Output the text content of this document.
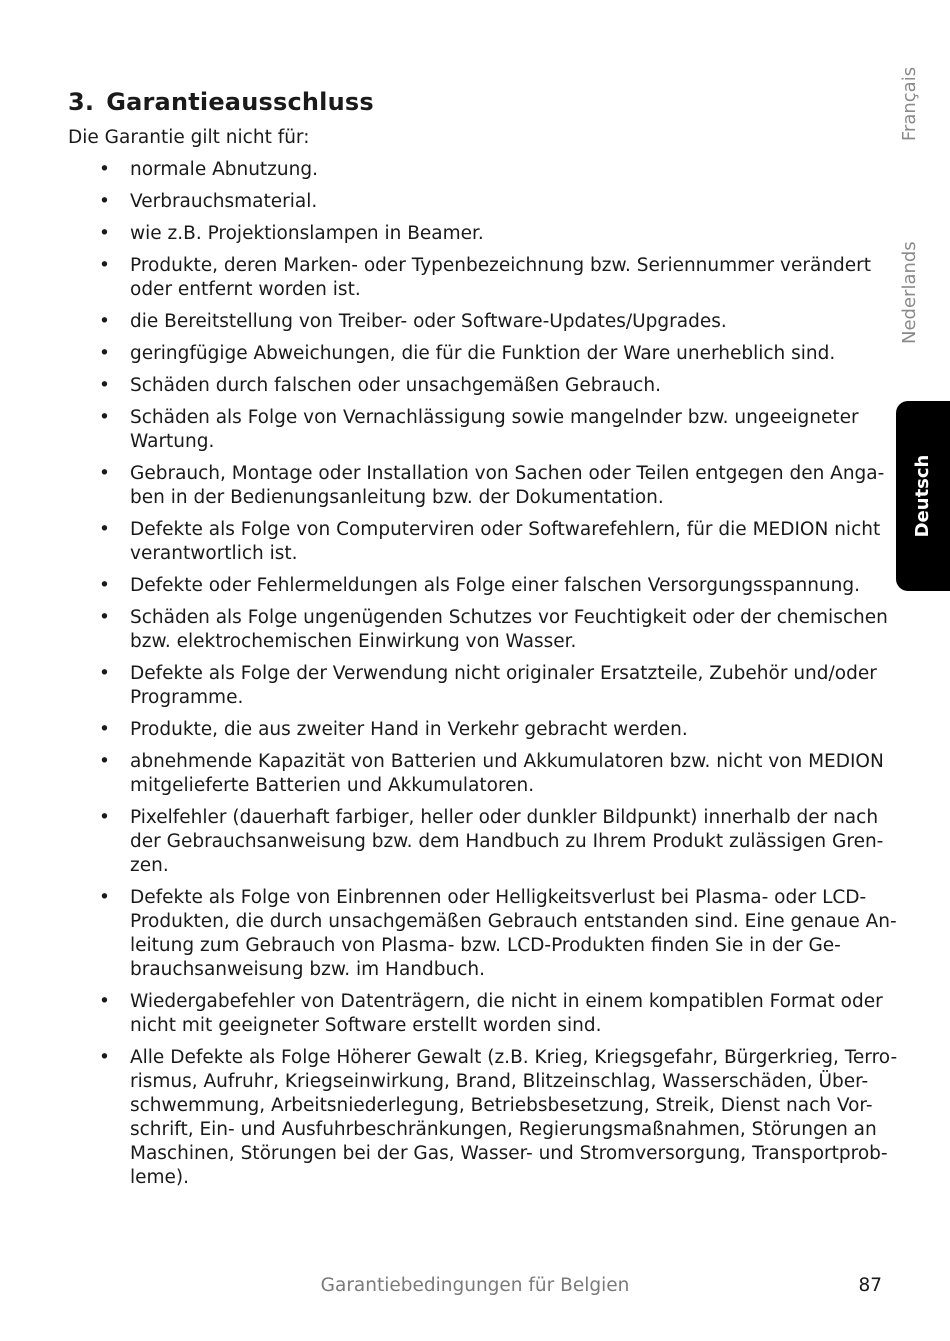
3. Garantieausschluss
Die Garantie gilt nicht für:
• normale Abnutzung.
• Verbrauchsmaterial.
• wie z.B. Projektionslampen in Beamer.
• Produkte, deren Marken- oder Typenbezeichnung bzw. Seriennummer verändert
oder entfernt worden ist.
• die Bereitstellung von Treiber- oder Software-Updates/Upgrades.
• geringfügige Abweichungen, die für die Funktion der Ware unerheblich sind.
• Schäden durch falschen oder unsachgemäßen Gebrauch.
• Schäden als Folge von Vernachlässigung sowie mangelnder bzw. ungeeigneter
Wartung.
• Gebrauch, Montage oder Installation von Sachen oder Teilen entgegen den Anga-
ben in der Bedienungsanleitung bzw. der Dokumentation.
• Defekte als Folge von Computerviren oder Softwarefehlern, für die MEDION nicht
verantwortlich ist.
• Defekte oder Fehlermeldungen als Folge einer falschen Versorgungsspannung.
• Schäden als Folge ungenügenden Schutzes vor Feuchtigkeit oder der chemischen
bzw. elektrochemischen Einwirkung von Wasser.
• Defekte als Folge der Verwendung nicht originaler Ersatzteile, Zubehör und/oder
Programme.
• Produkte, die aus zweiter Hand in Verkehr gebracht werden.
• abnehmende Kapazität von Batterien und Akkumulatoren bzw. nicht von MEDION
mitgelieferte Batterien und Akkumulatoren.
• Pixelfehler (dauerhaft farbiger, heller oder dunkler Bildpunkt) innerhalb der nach
der Gebrauchsanweisung bzw. dem Handbuch zu Ihrem Produkt zulässigen Gren-
zen.
• Defekte als Folge von Einbrennen oder Helligkeitsverlust bei Plasma- oder LCD-
Produkten, die durch unsachgemäßen Gebrauch entstanden sind. Eine genaue An-
leitung zum Gebrauch von Plasma- bzw. LCD-Produkten finden Sie in der Ge-
brauchsanweisung bzw. im Handbuch.
• Wiedergabefehler von Datenträgern, die nicht in einem kompatiblen Format oder
nicht mit geeigneter Software erstellt worden sind.
• Alle Defekte als Folge Höherer Gewalt (z.B. Krieg, Kriegsgefahr, Bürgerkrieg, Terro-
rismus, Aufruhr, Kriegseinwirkung, Brand, Blitzeinschlag, Wasserschäden, Über-
schwemmung, Arbeitsniederlegung, Betriebsbesetzung, Streik, Dienst nach Vor-
schrift, Ein- und Ausfuhrbeschränkungen, Regierungsmaßnahmen, Störungen an
Maschinen, Störungen bei der Gas, Wasser- und Stromversorgung, Transportprob-
leme).
Français
Nederlands
Deutsch
Garantiebedingungen für Belgien	87
